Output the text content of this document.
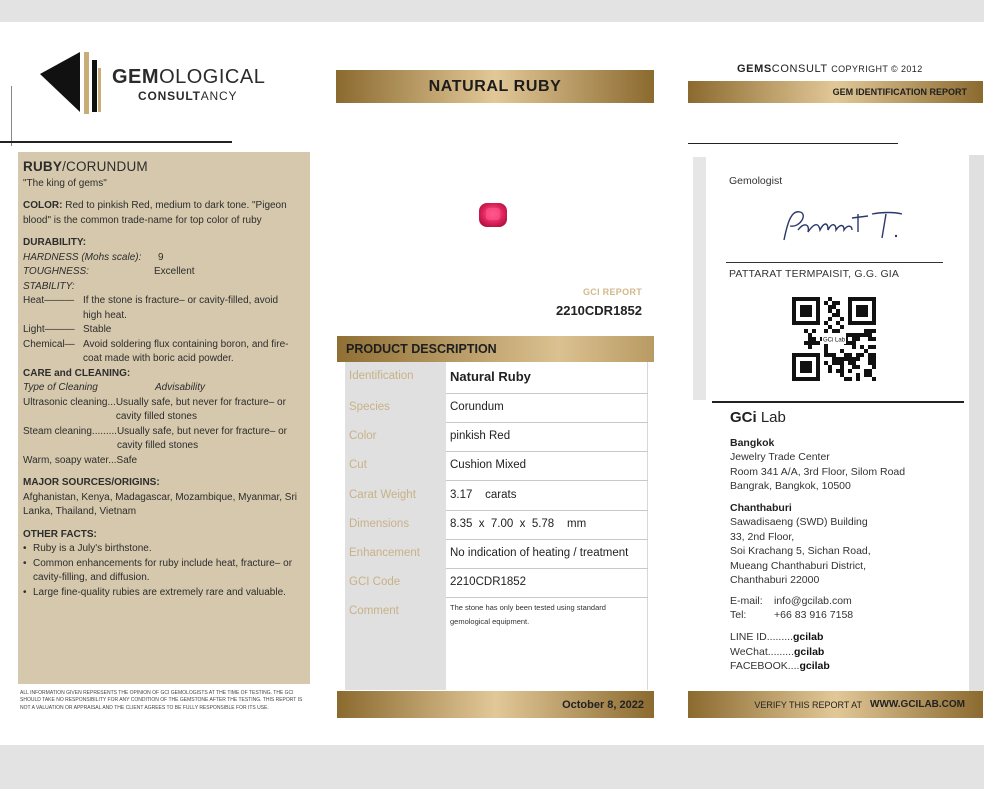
GEMOLOGICAL
CONSULTANCY
RUBY/CORUNDUM
"The king of gems"
COLOR: Red to pinkish Red, medium to dark tone. "Pigeon blood" is the common trade-name for top color of ruby
DURABILITY:
HARDNESS (Mohs scale):	9
TOUGHNESS:	Excellent
STABILITY:
Heat——— If the stone is fracture– or cavity-filled, avoid high heat.
Light——— Stable
Chemical— Avoid soldering flux containing boron, and fire-coat made with boric acid powder.
CARE and CLEANING:
Type of Cleaning	Advisability
Ultrasonic cleaning... Usually safe, but never for fracture– or cavity filled stones
Steam cleaning......... Usually safe, but never for fracture– or cavity filled stones
Warm, soapy water... Safe
MAJOR SOURCES/ORIGINS:
Afghanistan, Kenya, Madagascar, Mozambique, Myanmar, Sri Lanka, Thailand, Vietnam
OTHER FACTS:
• Ruby is a July's birthstone.
• Common enhancements for ruby include heat, fracture– or cavity-filling, and diffusion.
• Large fine-quality rubies are extremely rare and valuable.
ALL INFORMATION GIVEN REPRESENTS THE OPINION OF GCI GEMOLOGISTS AT THE TIME OF TESTING. THE GCI SHOULD TAKE NO RESPONSIBILITY FOR ANY CONDITION OF THE GEMSTONE AFTER THE TESTING. THIS REPORT IS NOT A VALUATION OR APPRAISAL AND THE CLIENT AGREES TO BE FULLY RESPONSIBLE FOR ITS USE.
NATURAL RUBY
GCI REPORT
2210CDR1852
PRODUCT DESCRIPTION
Identification	Natural Ruby
Species	Corundum
Color	pinkish Red
Cut	Cushion Mixed
Carat Weight	3.17    carats
Dimensions	8.35  x  7.00  x  5.78    mm
Enhancement	No indication of heating / treatment
GCI Code	2210CDR1852
Comment	The stone has only been tested using standard gemological equipment.
October 8, 2022
GEMSCONSULT COPYRIGHT © 2012
GEM IDENTIFICATION REPORT
Gemologist
PATTARAT TERMPAISIT, G.G. GIA
GCi Lab
GCi Lab
Bangkok
Jewelry Trade Center
Room 341 A/A, 3rd Floor, Silom Road
Bangrak, Bangkok, 10500
Chanthaburi
Sawadisaeng (SWD) Building
33, 2nd Floor,
Soi Krachang 5, Sichan Road,
Mueang Chanthaburi District,
Chanthaburi 22000
E-mail: info@gcilab.com
Tel:	+66 83 916 7158
LINE ID.........gcilab
WeChat.........gcilab
FACEBOOK....gcilab
VERIFY THIS REPORT AT WWW.GCILAB.COM
